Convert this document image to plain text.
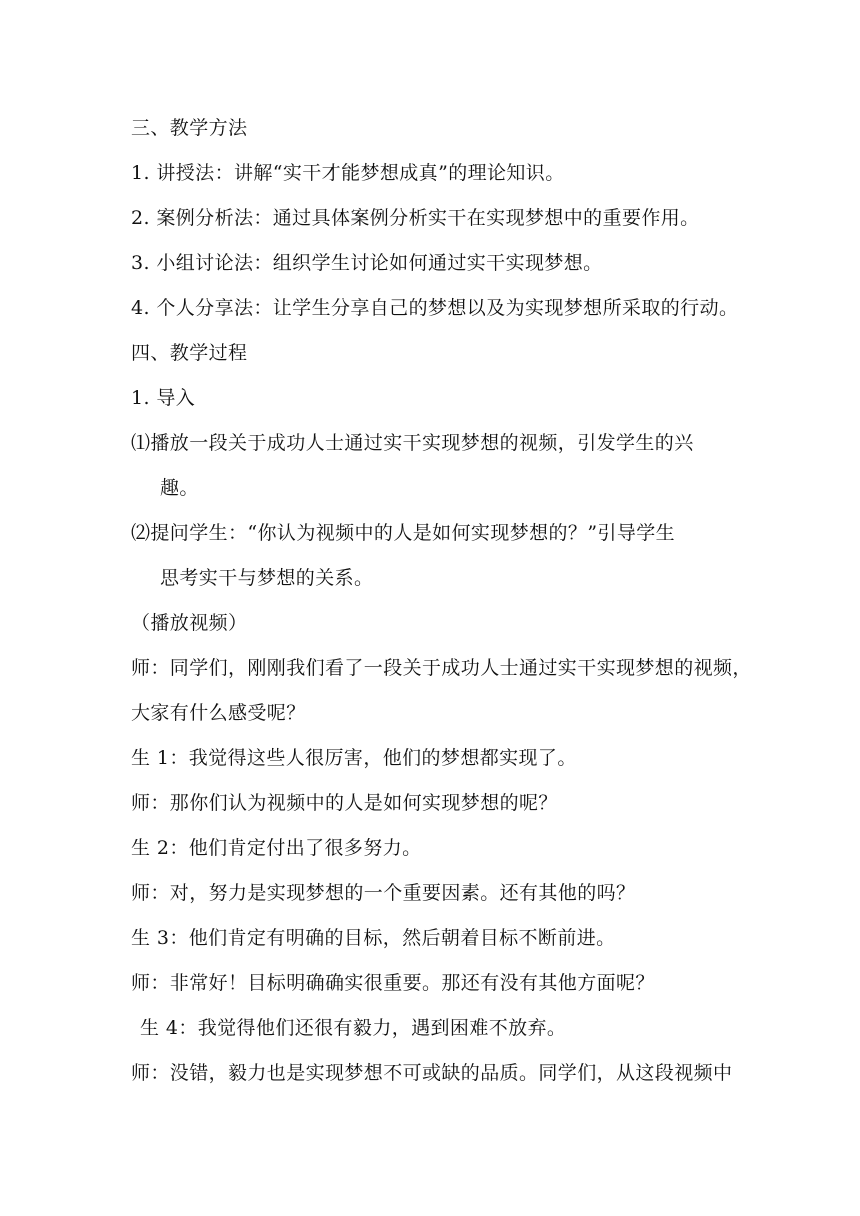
三、教学方法
1. 讲授法：讲解“实干才能梦想成真”的理论知识。
2. 案例分析法：通过具体案例分析实干在实现梦想中的重要作用。
3. 小组讨论法：组织学生讨论如何通过实干实现梦想。
4. 个人分享法：让学生分享自己的梦想以及为实现梦想所采取的行动。
四、教学过程
1. 导入
⑴播放一段关于成功人士通过实干实现梦想的视频，引发学生的兴
趣。
⑵提问学生：“你认为视频中的人是如何实现梦想的？”引导学生
思考实干与梦想的关系。
（播放视频）
师：同学们，刚刚我们看了一段关于成功人士通过实干实现梦想的视频，
大家有什么感受呢？
生 1：我觉得这些人很厉害，他们的梦想都实现了。
师：那你们认为视频中的人是如何实现梦想的呢？
生 2：他们肯定付出了很多努力。
师：对，努力是实现梦想的一个重要因素。还有其他的吗？
生 3：他们肯定有明确的目标，然后朝着目标不断前进。
师：非常好！目标明确确实很重要。那还有没有其他方面呢？
生 4：我觉得他们还很有毅力，遇到困难不放弃。
师：没错，毅力也是实现梦想不可或缺的品质。同学们，从这段视频中
